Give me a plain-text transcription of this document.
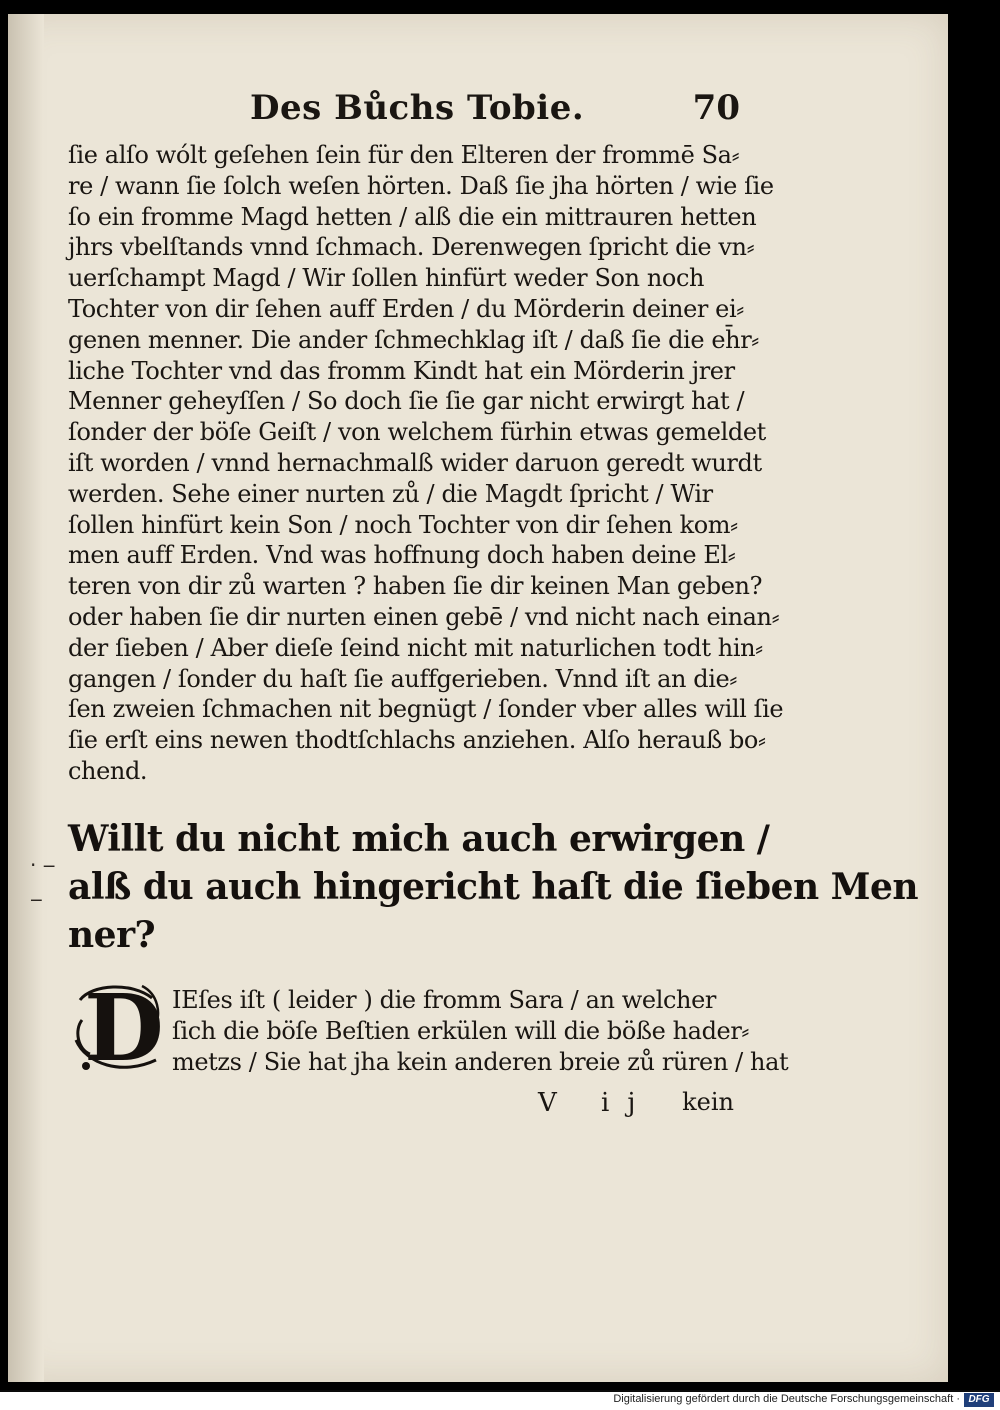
Des Bůchs Tobie.	70
ſie alſo wólt geſehen ſein für den Elteren der frommē Sa⸗
re / wann ſie ſolch weſen hörten. Daß ſie jha hörten / wie ſie
ſo ein fromme Magd hetten / alß die ein mittrauren hetten
jhrs vbelſtands vnnd ſchmach. Derenwegen ſpricht die vn⸗
uerſchampt Magd / Wir ſollen hinfürt weder Son noch
Tochter von dir ſehen auff Erden / du Mörderin deiner ei⸗
genen menner. Die ander ſchmechklag iſt / daß ſie die eh̄r⸗
liche Tochter vnd das fromm Kindt hat ein Mörderin jrer
Menner geheyſſen / So doch ſie ſie gar nicht erwirgt hat /
ſonder der böſe Geiſt / von welchem fürhin etwas gemeldet
iſt worden / vnnd hernachmalß wider daruon geredt wurdt
werden. Sehe einer nurten zů / die Magdt ſpricht / Wir
ſollen hinfürt kein Son / noch Tochter von dir ſehen kom⸗
men auff Erden. Vnd was hoffnung doch haben deine El⸗
teren von dir zů warten ? haben ſie dir keinen Man geben?
oder haben ſie dir nurten einen gebē / vnd nicht nach einan⸗
der ſieben / Aber dieſe ſeind nicht mit naturlichen todt hin⸗
gangen / ſonder du haſt ſie auffgerieben. Vnnd iſt an die⸗
ſen zweien ſchmachen nit begnügt / ſonder vber alles will ſie
ſie erſt eins newen thodtſchlachs anziehen. Alſo herauß bo⸗
chend.
· ‒
‒
Willt du nicht mich auch erwirgen /
alß du auch hingericht haſt die ſieben Men
ner?
D IEſes iſt ( leider ) die fromm Sara / an welcher
ſich die böſe Beſtien erkülen will die böße hader⸗
metzs / Sie hat jha kein anderen breie zů rüren / hat
V ij kein
Digitalisierung gefördert durch die Deutsche Forschungsgemeinschaft · DFG
